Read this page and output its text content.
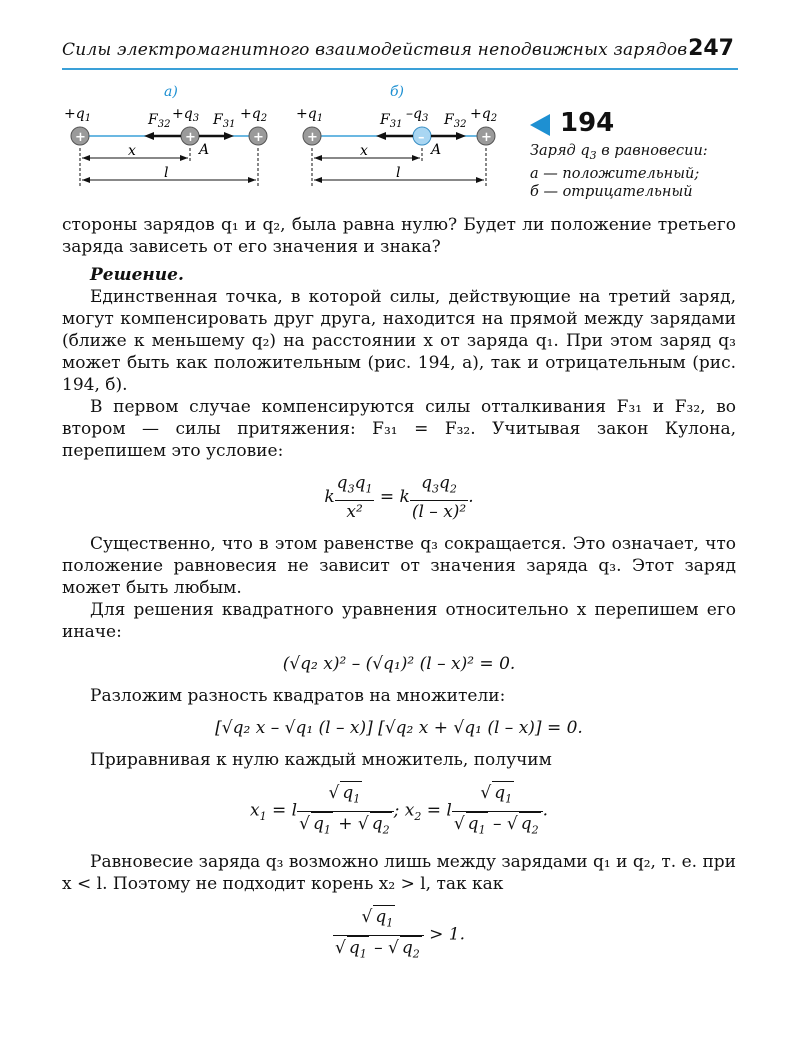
Силы электромагнитного взаимодействия неподвижных зарядов 247
а)	б)
+	+	+
$+q_1$	$+q_3$	$+q_2$
$F_{32}$	$F_{31}$
A
x
l
+	–	+
$+q_1$	$-q_3$	$+q_2$
$F_{31}$	$F_{32}$
A
x
l
194
Заряд $q_3$ в равновесии:
а — положительный;
б — отрицательный

стороны зарядов q₁ и q₂, была равна нулю? Будет ли положение третьего заряда зависеть от его значения и знака?

Решение.

Единственная точка, в которой силы, действующие на третий заряд, могут компенсировать друг друга, находится на прямой между зарядами (ближе к меньшему q₂) на расстоянии x от заряда q₁. При этом заряд q₃ может быть как положительным (рис. 194, а), так и отрицательным (рис. 194, б).

В первом случае компенсируются силы отталкивания F₃₁ и F₃₂, во втором — силы притяжения: F₃₁ = F₃₂. Учитывая закон Кулона, перепишем это условие:

k $\frac{q_3q_1}{\text{x²}} = k \frac{q_3q_2}{\text{(l – x)²}}$ .

Существенно, что в этом равенстве q₃ сокращается. Это означает, что положение равновесия не зависит от значения заряда q₃. Этот заряд может быть любым.

Для решения квадратного уравнения относительно x перепишем его иначе:

(√q₂ x)² – (√q₁)² (l – x)² = 0.

Разложим разность квадратов на множители:

[√q₂ x – √q₁ (l – x)] [√q₂ x + √q₁ (l – x)] = 0.

Приравнивая к нулю каждый множитель, получим

$x_1 = l \frac{√ q_1}{√ q_1 + √ q_2}$ ; $x_2 = l \frac{√ q_1}{√ q_1 - √ q_2}$ .

Равновесие заряда q₃ возможно лишь между зарядами q₁ и q₂, т. е. при x < l. Поэтому не подходит корень x₂ > l, так как

$\frac{√ q_1}{√ q_1 - √ q_2} > 1$.
